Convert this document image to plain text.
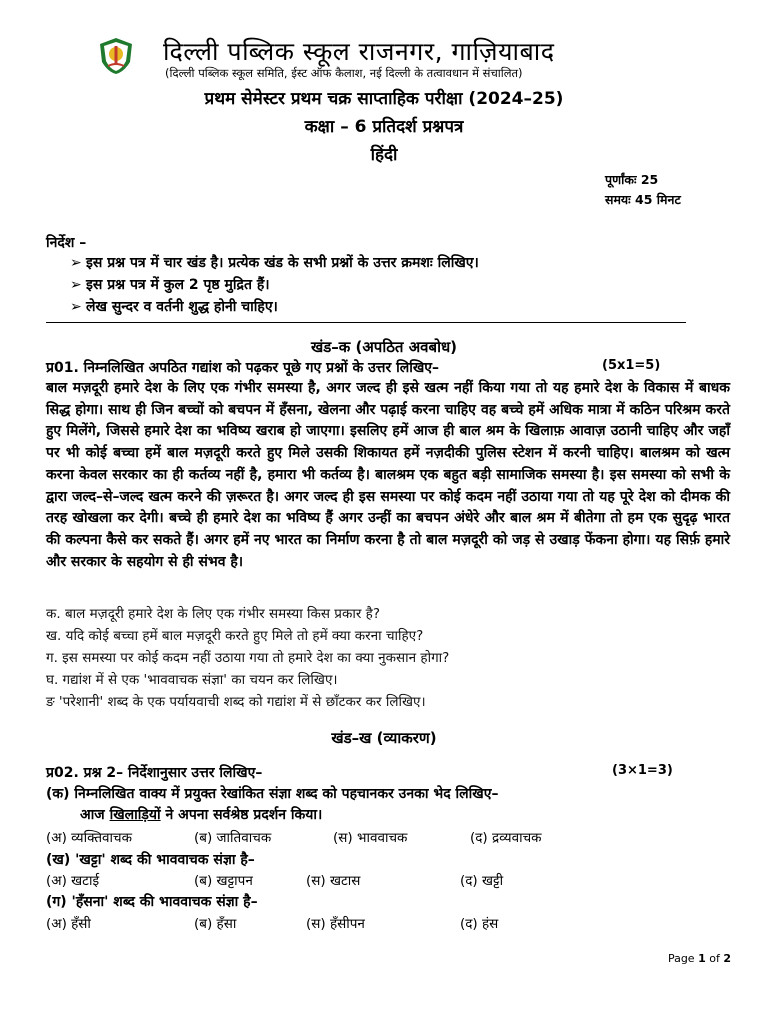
दिल्ली पब्लिक स्कूल राजनगर, गाज़ियाबाद
(दिल्ली पब्लिक स्कूल समिति, ईस्ट ऑफ कैलाश, नई दिल्ली के तत्वावधान में संचालित)
प्रथम सेमेस्टर प्रथम चक्र साप्ताहिक परीक्षा (2024–25)
कक्षा – 6 प्रतिदर्श प्रश्नपत्र
हिंदी
पूर्णांकः 25
समयः 45 मिनट
निर्देश –
➢ इस प्रश्न पत्र में चार खंड है। प्रत्येक खंड के सभी प्रश्नों के उत्तर क्रमशः लिखिए।
➢ इस प्रश्न पत्र में कुल 2 पृष्ठ मुद्रित हैं।
➢ लेख सुन्दर व वर्तनी शुद्ध होनी चाहिए।
खंड–क (अपठित अवबोध)
प्र01. निम्नलिखित अपठित गद्यांश को पढ़कर पूछे गए प्रश्नों के उत्तर लिखिए–	(5x1=5)
बाल मज़दूरी हमारे देश के लिए एक गंभीर समस्या है, अगर जल्द ही इसे खत्म नहीं किया गया तो यह हमारे देश के विकास में बाधक सिद्ध होगा। साथ ही जिन बच्चों को बचपन में हँसना, खेलना और पढ़ाई करना चाहिए वह बच्चे हमें अधिक मात्रा में कठिन परिश्रम करते हुए मिलेंगे, जिससे हमारे देश का भविष्य खराब हो जाएगा। इसलिए हमें आज ही बाल श्रम के खिलाफ़ आवाज़ उठानी चाहिए और जहाँ पर भी कोई बच्चा हमें बाल मज़दूरी करते हुए मिले उसकी शिकायत हमें नज़दीकी पुलिस स्टेशन में करनी चाहिए। बालश्रम को खत्म करना केवल सरकार का ही कर्तव्य नहीं है, हमारा भी कर्तव्य है। बालश्रम एक बहुत बड़ी सामाजिक समस्या है। इस समस्या को सभी के द्वारा जल्द–से–जल्द खत्म करने की ज़रूरत है। अगर जल्द ही इस समस्या पर कोई कदम नहीं उठाया गया तो यह पूरे देश को दीमक की तरह खोखला कर देगी। बच्चे ही हमारे देश का भविष्य हैं अगर उन्हीं का बचपन अंधेरे और बाल श्रम में बीतेगा तो हम एक सुदृढ़ भारत की कल्पना कैसे कर सकते हैं। अगर हमें नए भारत का निर्माण करना है तो बाल मज़दूरी को जड़ से उखाड़ फेंकना होगा। यह सिर्फ़ हमारे और सरकार के सहयोग से ही संभव है।
क. बाल मज़दूरी हमारे देश के लिए एक गंभीर समस्या किस प्रकार है?
ख. यदि कोई बच्चा हमें बाल मज़दूरी करते हुए मिले तो हमें क्या करना चाहिए?
ग. इस समस्या पर कोई कदम नहीं उठाया गया तो हमारे देश का क्या नुकसान होगा?
घ. गद्यांश में से एक 'भाववाचक संज्ञा' का चयन कर लिखिए।
ङ 'परेशानी' शब्द के एक पर्यायवाची शब्द को गद्यांश में से छाँटकर कर लिखिए।
खंड–ख (व्याकरण)
प्र02. प्रश्न 2– निर्देशानुसार उत्तर लिखिए–	(3×1=3)
(क) निम्नलिखित वाक्य में प्रयुक्त रेखांकित संज्ञा शब्द को पहचानकर उनका भेद लिखिए–
आज खिलाड़ियों ने अपना सर्वश्रेष्ठ प्रदर्शन किया।
(अ) व्यक्तिवाचक	(ब) जातिवाचक	(स) भाववाचक	(द) द्रव्यवाचक
(ख) 'खट्टा' शब्द की भाववाचक संज्ञा है–
(अ) खटाई	(ब) खट्टापन	(स) खटास	(द) खट्टी
(ग) 'हँसना' शब्द की भाववाचक संज्ञा है–
(अ) हँसी	(ब) हँसा	(स) हँसीपन	(द) हंस
Page 1 of 2
